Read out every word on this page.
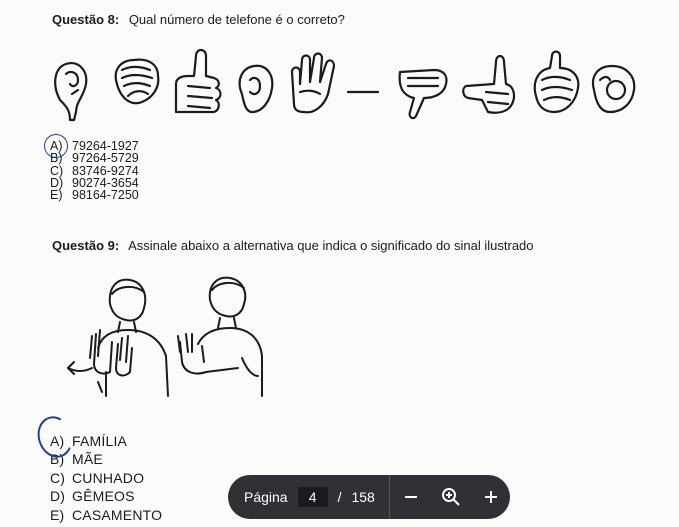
Questão 8: Qual número de telefone é o correto?
A) 79264-1927
B) 97264-5729
C) 83746-9274
D) 90274-3654
E) 98164-7250
Questão 9: Assinale abaixo a alternativa que indica o significado do sinal ilustrado
A) FAMÍLIA
B) MÃE
C) CUNHADO
D) GÊMEOS
E) CASAMENTO
Página
4	/ 158
